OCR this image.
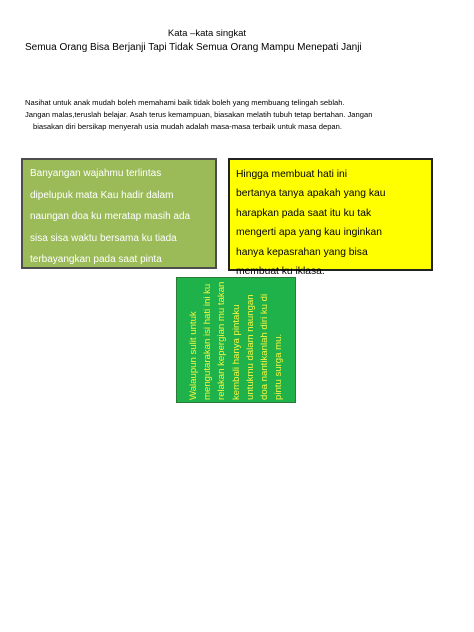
Kata –kata singkat
Semua Orang Bisa Berjanji Tapi Tidak Semua Orang Mampu Menepati Janji
Nasihat untuk anak mudah boleh memahami baik tidak boleh yang membuang telingah seblah.
Jangan malas,teruslah belajar. Asah terus kemampuan, biasakan melatih tubuh tetap bertahan. Jangan
biasakan diri bersikap menyerah usia mudah adalah masa-masa terbaik untuk masa depan.
Banyangan wajahmu terlintas
dipelupuk mata Kau hadir dalam
naungan doa ku meratap masih ada
sisa sisa waktu bersama ku tiada
terbayangkan pada saat pinta
terahirmu.
Hingga membuat hati ini
bertanya tanya apakah yang kau
harapkan pada saat itu ku tak
mengerti apa yang kau inginkan
hanya kepasrahan yang bisa
membuat ku iklasa.
Walaupun sulit untuk mengutarakan isi hati ini ku relakan kepergian mu takan kembali hanya pintaku untukmu dalam naungan doa nantikanlah diri ku di pintu surga mu.
